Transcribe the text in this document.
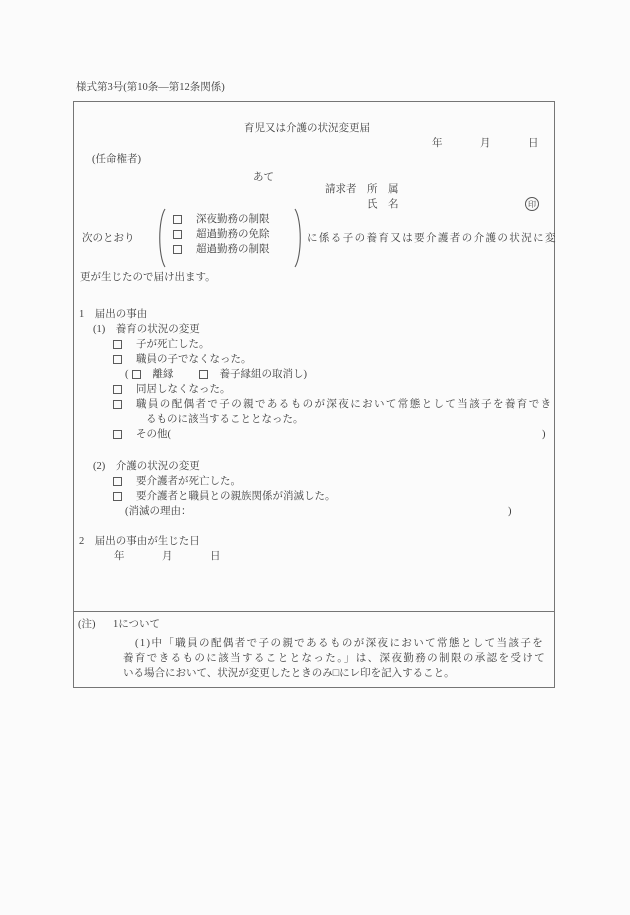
様式第3号(第10条―第12条関係)
育児又は介護の状況変更届
年	月	日
(任命権者)
あて
請求者 所　属
氏　名	印
次のとおり
深夜勤務の制限
超過勤務の免除
超過勤務の制限
に係る子の養育又は要介護者の介護の状況に変
更が生じたので届け出ます。
1　届出の事由
(1)　養育の状況の変更
子が死亡した。
職員の子でなくなった。
( 離縁	養子縁組の取消し )
同居しなくなった。
職員の配偶者で子の親であるものが深夜において常態として当該子を養育でき
るものに該当することとなった。
その他(	)
(2)　介護の状況の変更
要介護者が死亡した。
要介護者と職員との親族関係が消滅した。
(消滅の理由：	)
2　届出の事由が生じた日
年	月	日
(注) 1について
(1)中「職員の配偶者で子の親であるものが深夜において常態として当該子を
養育できるものに該当することとなった。」は、深夜勤務の制限の承認を受けて
いる場合において、状況が変更したときのみ□にレ印を記入すること。
